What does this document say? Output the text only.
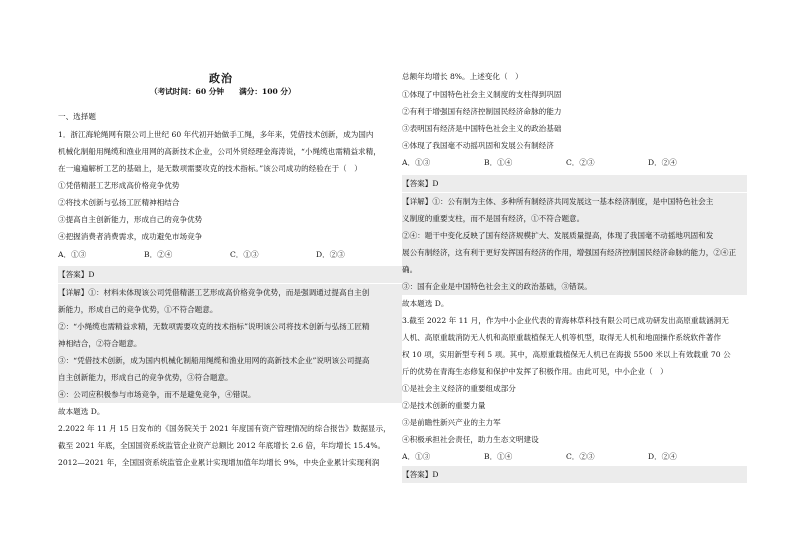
政治
（考试时间：60 分钟　　满分：100 分）
一、选择题
1．浙江海轮绳网有限公司上世纪 60 年代初开始做手工绳，多年来，凭借技术创新，成为国内
机械化制船用绳缆和渔业用网的高新技术企业，公司外贸经理金海涛说，“小绳缆也需精益求精，
在一遍遍解析工艺的基础上，是无数项需要攻克的技术指标。”该公司成功的经验在于（　）
①凭借精湛工艺形成高价格竞争优势
②将技术创新与弘扬工匠精神相结合
③提高自主创新能力，形成自己的竞争优势
④把握消费者消费需求，成功避免市场竞争
A．①③	B．②④	C．①③	D．②③
【答案】D
【详解】①：材料未体现该公司凭借精湛工艺形成高价格竞争优势，而是强调通过提高自主创
新能力，形成自己的竞争优势，①不符合题意。
②：“小绳缆也需精益求精，无数项需要攻克的技术指标”说明该公司将技术创新与弘扬工匠精
神相结合，②符合题意。
③：“凭借技术创新，成为国内机械化制船用绳缆和渔业用网的高新技术企业”说明该公司提高
自主创新能力，形成自己的竞争优势，③符合题意。
④：公司应积极参与市场竞争，而不是避免竞争，④错误。
故本题选 D。
2.2022 年 11 月 15 日发布的《国务院关于 2021 年度国有资产管理情况的综合报告》数据显示，
截至 2021 年底，全国国资系统监管企业资产总额比 2012 年底增长 2.6 倍，年均增长 15.4%。
2012—2021 年，全国国资系统监管企业累计实现增加值年均增长 9%，中央企业累计实现利润
总额年均增长 8%。上述变化（　）
①体现了中国特色社会主义制度的支柱得到巩固
②有利于增强国有经济控制国民经济命脉的能力
③表明国有经济是中国特色社会主义的政治基础
④体现了我国毫不动摇巩固和发展公有制经济
A．①③	B．①④	C．②③	D．②④
【答案】D
【详解】①：公有制为主体、多种所有制经济共同发展这一基本经济制度，是中国特色社会主
义制度的重要支柱，而不是国有经济，①不符合题意。
②④：题干中变化反映了国有经济规模扩大、发展质量提高，体现了我国毫不动摇地巩固和发
展公有制经济，这有利于更好发挥国有经济的作用，增强国有经济控制国民经济命脉的能力，②④正确。
③：国有企业是中国特色社会主义的政治基础，③错误。
故本题选 D。
3.截至 2022 年 11 月，作为中小企业代表的青海林草科技有限公司已成功研发出高原重载涵洞无
人机、高原重载消防无人机和高原重载植保无人机等机型，取得无人机和地面操作系统软件著作
权 10 项，实用新型专利 5 项。其中，高原重载植保无人机已在海拔 5500 米以上有效载重 70 公
斤的优势在青海生态修复和保护中发挥了积极作用。由此可见，中小企业（　）
①是社会主义经济的重要组成部分
②是技术创新的重要力量
③是前瞻性新兴产业的主力军
④积极承担社会责任，助力生态文明建设
A．①③	B．①④	C．②③	D．②④
【答案】D
